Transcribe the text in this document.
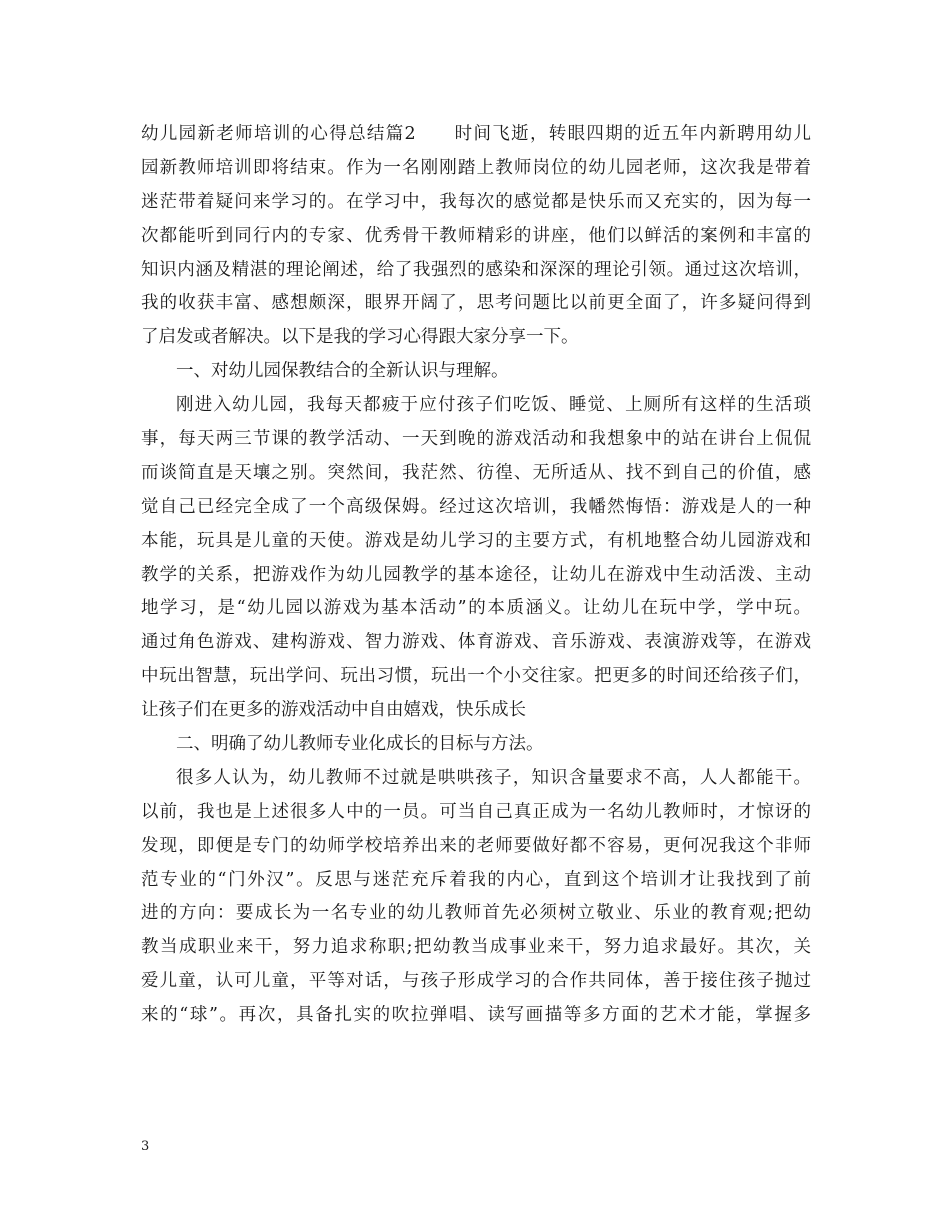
幼儿园新老师培训的心得总结篇2　　时间飞逝，转眼四期的近五年内新聘用幼儿
园新教师培训即将结束。作为一名刚刚踏上教师岗位的幼儿园老师，这次我是带着
迷茫带着疑问来学习的。在学习中，我每次的感觉都是快乐而又充实的，因为每一
次都能听到同行内的专家、优秀骨干教师精彩的讲座，他们以鲜活的案例和丰富的
知识内涵及精湛的理论阐述，给了我强烈的感染和深深的理论引领。通过这次培训，
我的收获丰富、感想颇深，眼界开阔了，思考问题比以前更全面了，许多疑问得到
了启发或者解决。以下是我的学习心得跟大家分享一下。
一、对幼儿园保教结合的全新认识与理解。
刚进入幼儿园，我每天都疲于应付孩子们吃饭、睡觉、上厕所有这样的生活琐
事，每天两三节课的教学活动、一天到晚的游戏活动和我想象中的站在讲台上侃侃
而谈简直是天壤之别。突然间，我茫然、彷徨、无所适从、找不到自己的价值，感
觉自己已经完全成了一个高级保姆。经过这次培训，我幡然悔悟：游戏是人的一种
本能，玩具是儿童的天使。游戏是幼儿学习的主要方式，有机地整合幼儿园游戏和
教学的关系，把游戏作为幼儿园教学的基本途径，让幼儿在游戏中生动活泼、主动
地学习，是“幼儿园以游戏为基本活动”的本质涵义。让幼儿在玩中学，学中玩。
通过角色游戏、建构游戏、智力游戏、体育游戏、音乐游戏、表演游戏等，在游戏
中玩出智慧，玩出学问、玩出习惯，玩出一个小交往家。把更多的时间还给孩子们，
让孩子们在更多的游戏活动中自由嬉戏，快乐成长
二、明确了幼儿教师专业化成长的目标与方法。
很多人认为，幼儿教师不过就是哄哄孩子，知识含量要求不高，人人都能干。
以前，我也是上述很多人中的一员。可当自己真正成为一名幼儿教师时，才惊讶的
发现，即便是专门的幼师学校培养出来的老师要做好都不容易，更何况我这个非师
范专业的“门外汉”。反思与迷茫充斥着我的内心，直到这个培训才让我找到了前
进的方向：要成长为一名专业的幼儿教师首先必须树立敬业、乐业的教育观;把幼
教当成职业来干，努力追求称职;把幼教当成事业来干，努力追求最好。其次，关
爱儿童，认可儿童，平等对话，与孩子形成学习的合作共同体，善于接住孩子抛过
来的“球”。再次，具备扎实的吹拉弹唱、读写画描等多方面的艺术才能，掌握多
3
